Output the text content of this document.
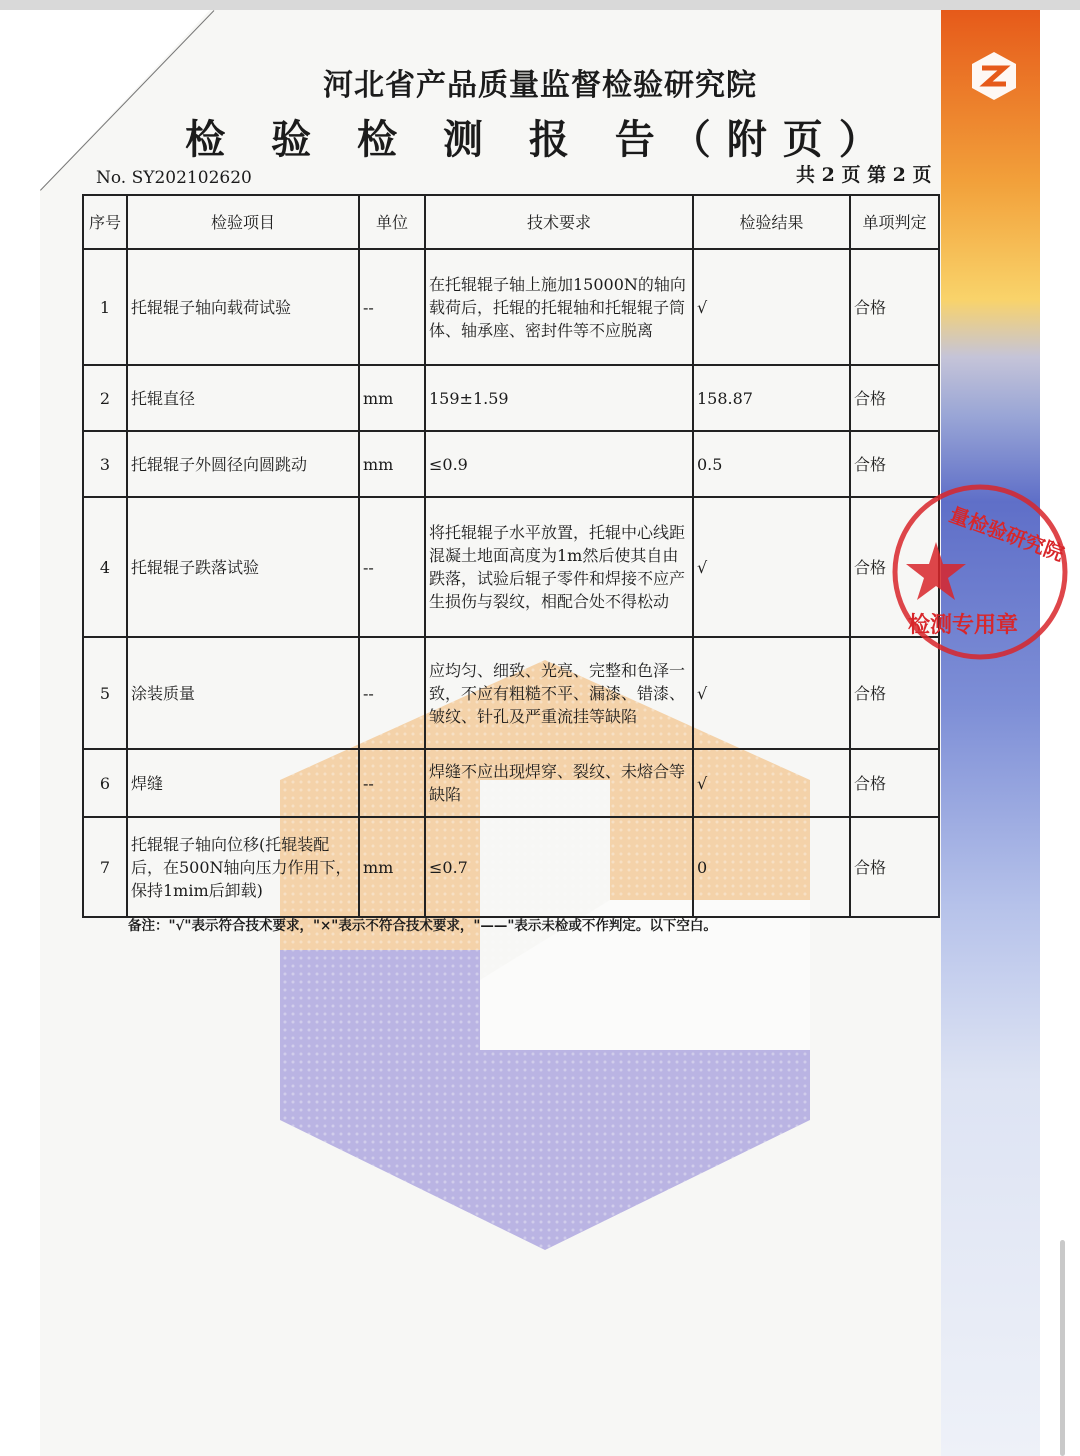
河北省产品质量监督检验研究院
检 验 检 测 报 告（附页）
No. SY202102620	共 2 页 第 2 页
序号	检验项目	单位	技术要求	检验结果	单项判定
1	托辊辊子轴向载荷试验	--	在托辊辊子轴上施加15000N的轴向载荷后，托辊的托辊轴和托辊辊子筒体、轴承座、密封件等不应脱离	√	合格
2	托辊直径	mm	159±1.59	158.87	合格
3	托辊辊子外圆径向圆跳动	mm	≤0.9	0.5	合格
4	托辊辊子跌落试验	--	将托辊辊子水平放置，托辊中心线距混凝土地面高度为1m然后使其自由跌落，试验后辊子零件和焊接不应产生损伤与裂纹，相配合处不得松动	√	合格
5	涂装质量	--	应均匀、细致、光亮、完整和色泽一致，不应有粗糙不平、漏漆、错漆、皱纹、针孔及严重流挂等缺陷	√	合格
6	焊缝	--	焊缝不应出现焊穿、裂纹、未熔合等缺陷	√	合格
7	托辊辊子轴向位移(托辊装配后，在500N轴向压力作用下，保持1mim后卸载)	mm	≤0.7	0	合格
备注："√"表示符合技术要求，"×"表示不符合技术要求，"——"表示未检或不作判定。以下空白。
量检验研究院
检测专用章
